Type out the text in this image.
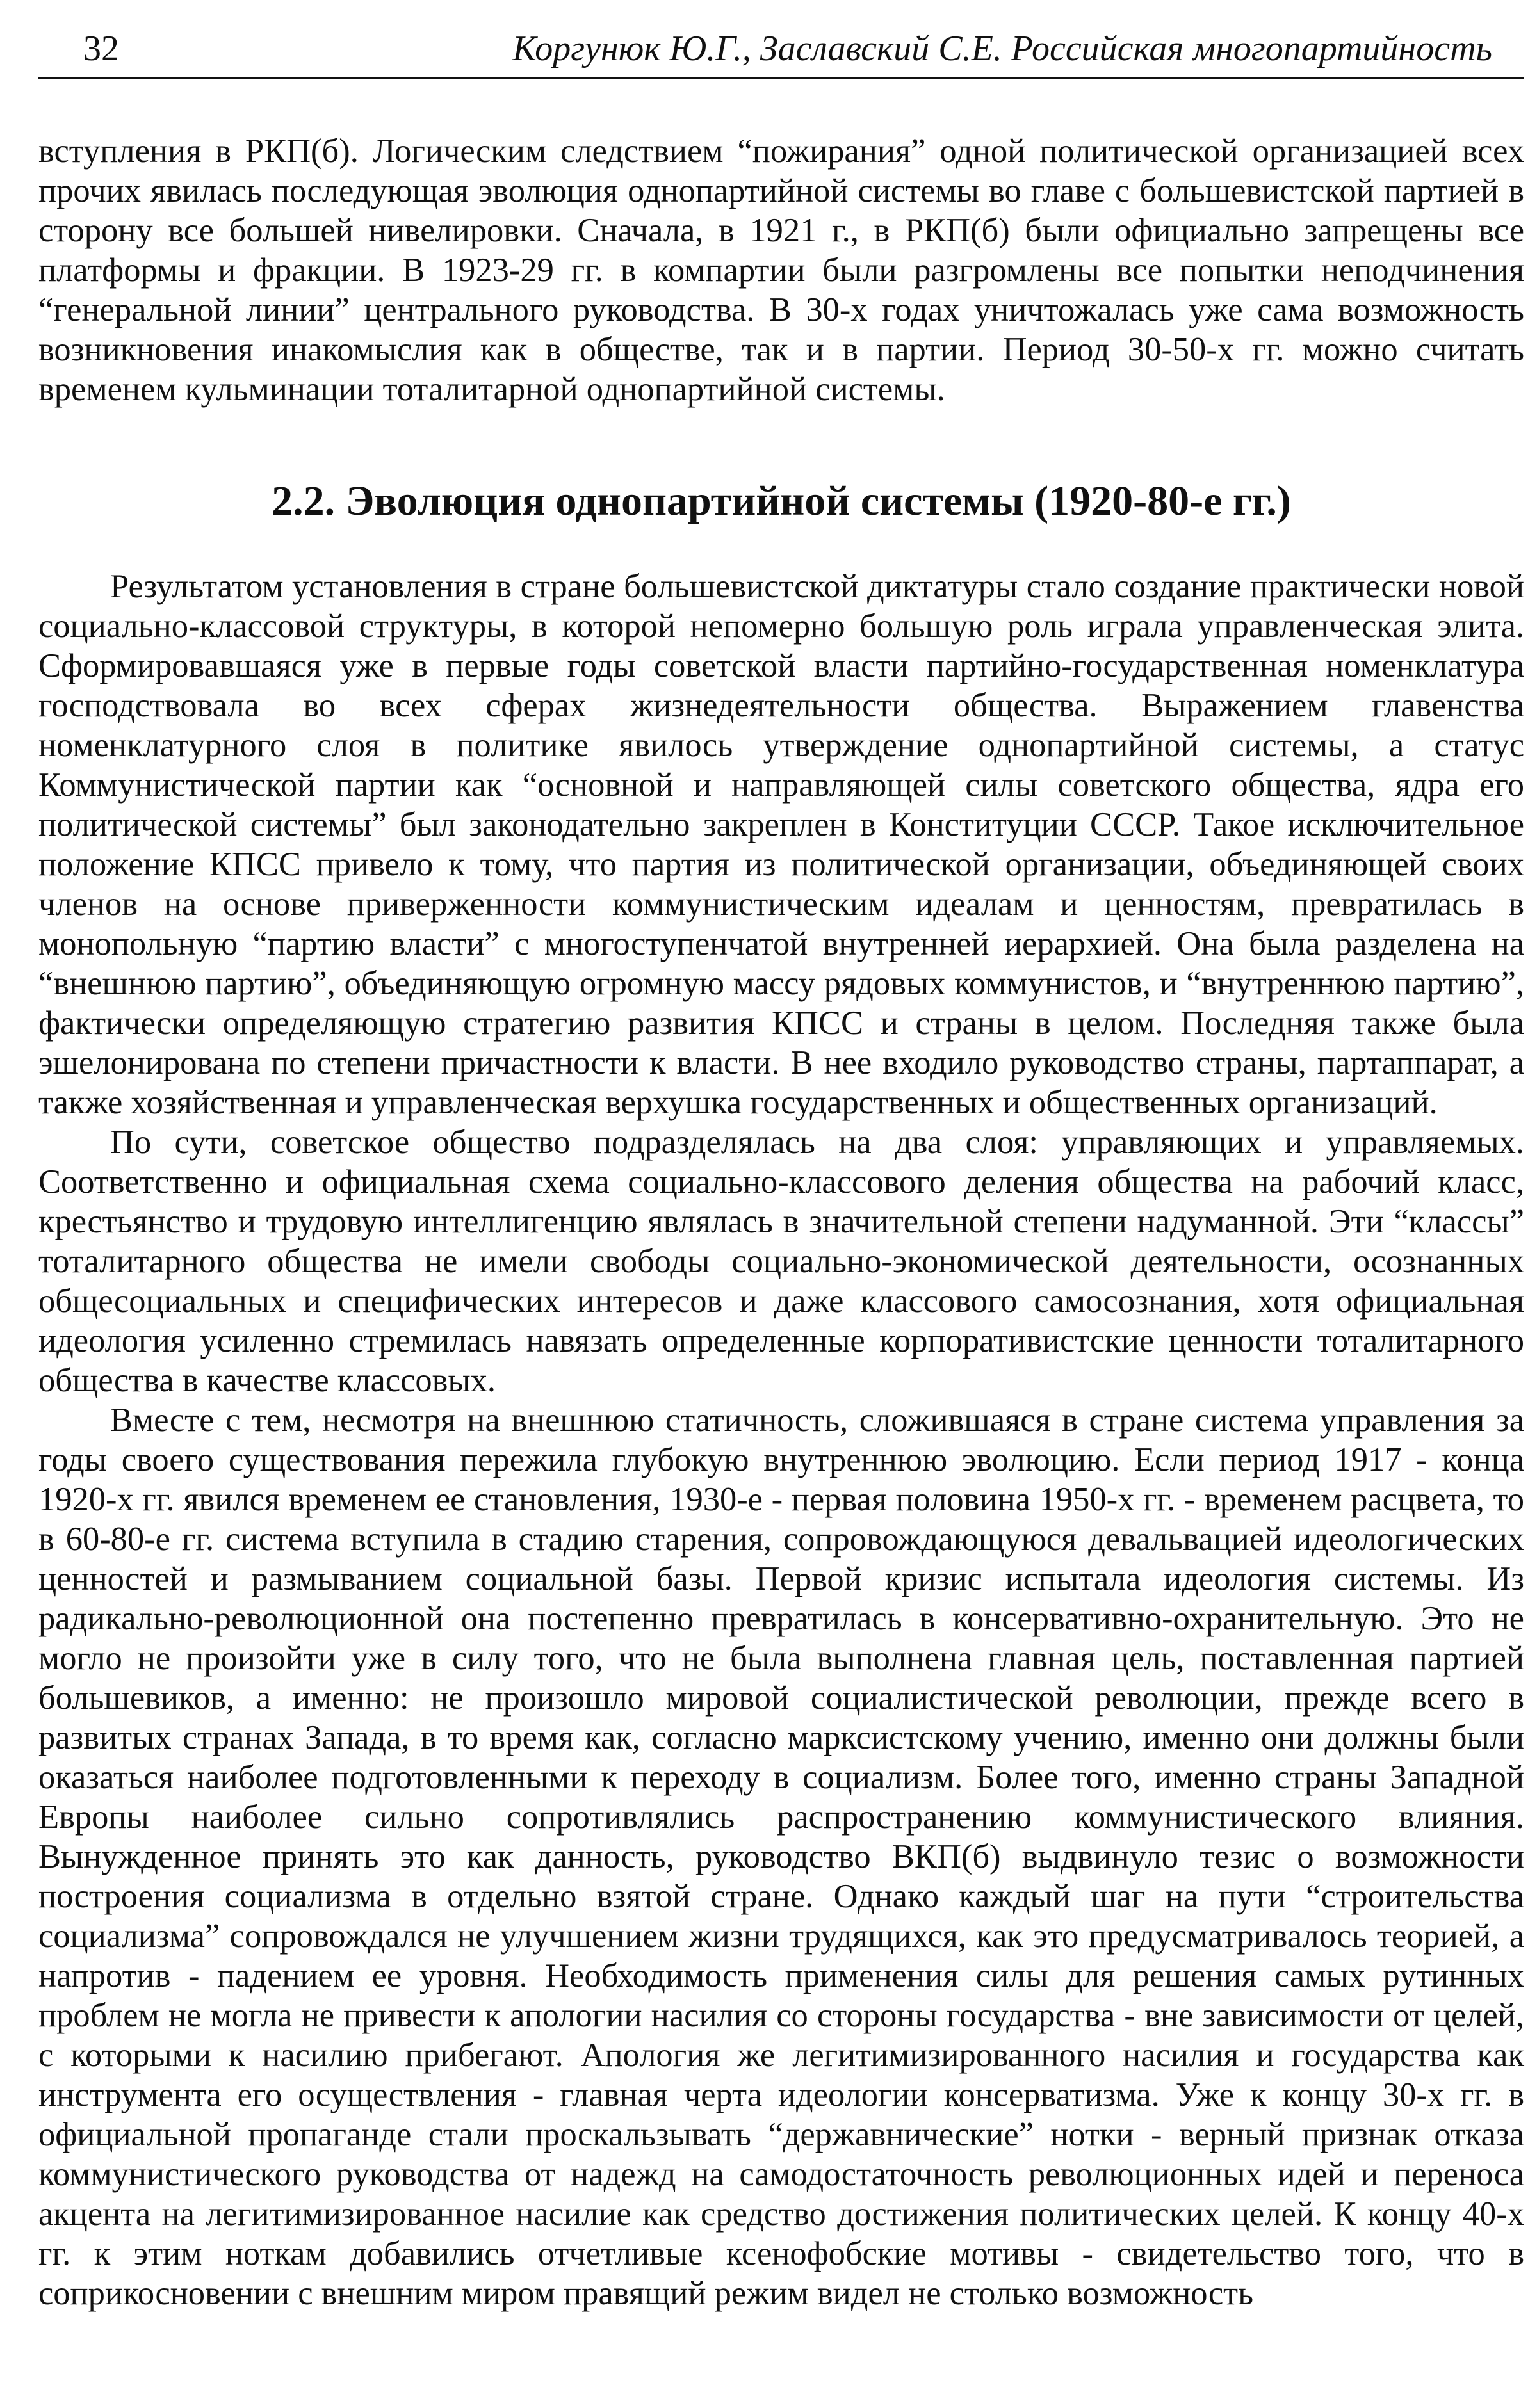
32	Коргунюк Ю.Г., Заславский С.Е. Российская многопартийность

вступления в РКП(б). Логическим следствием “пожирания” одной политической организацией всех прочих явилась последующая эволюция однопартийной системы во главе с большевистской партией в сторону все большей нивелировки. Сначала, в 1921 г., в РКП(б) были официально запрещены все платформы и фракции. В 1923-29 гг. в компартии были разгромлены все попытки неподчинения “генеральной линии” центрального руководства. В 30-х годах уничтожалась уже сама возможность возникновения инакомыслия как в обществе, так и в партии. Период 30-50-х гг. можно считать временем кульминации тоталитарной однопартийной системы.

2.2. Эволюция однопартийной системы (1920-80-е гг.)

Результатом установления в стране большевистской диктатуры стало создание практически новой социально-классовой структуры, в которой непомерно большую роль играла управленческая элита. Сформировавшаяся уже в первые годы советской власти партийно-государственная номенклатура господствовала во всех сферах жизнедеятельности общества. Выражением главенства номенклатурного слоя в политике явилось утверждение однопартийной системы, а статус Коммунистической партии как “основной и направляющей силы советского общества, ядра его политической системы” был законодательно закреплен в Конституции СССР. Такое исключительное положение КПСС привело к тому, что партия из политической организации, объединяющей своих членов на основе приверженности коммунистическим идеалам и ценностям, превратилась в монопольную “партию власти” с многоступенчатой внутренней иерархией. Она была разделена на “внешнюю партию”, объединяющую огромную массу рядовых коммунистов, и “внутреннюю партию”, фактически определяющую стратегию развития КПСС и страны в целом. Последняя также была эшелонирована по степени причастности к власти. В нее входило руководство страны, партаппарат, а также хозяйственная и управленческая верхушка государственных и общественных организаций.

По сути, советское общество подразделялась на два слоя: управляющих и управляемых. Соответственно и официальная схема социально-классового деления общества на рабочий класс, крестьянство и трудовую интеллигенцию являлась в значительной степени надуманной. Эти “классы” тоталитарного общества не имели свободы социально-экономической деятельности, осознанных общесоциальных и специфических интересов и даже классового самосознания, хотя официальная идеология усиленно стремилась навязать определенные корпоративистские ценности тоталитарного общества в качестве классовых.

Вместе с тем, несмотря на внешнюю статичность, сложившаяся в стране система управления за годы своего существования пережила глубокую внутреннюю эволюцию. Если период 1917 - конца 1920-х гг. явился временем ее становления, 1930-е - первая половина 1950-х гг. - временем расцвета, то в 60-80-е гг. система вступила в стадию старения, сопровождающуюся девальвацией идеологических ценностей и размыванием социальной базы. Первой кризис испытала идеология системы. Из радикально-революционной она постепенно превратилась в консервативно-охранительную. Это не могло не произойти уже в силу того, что не была выполнена главная цель, поставленная партией большевиков, а именно: не произошло мировой социалистической революции, прежде всего в развитых странах Запада, в то время как, согласно марксистскому учению, именно они должны были оказаться наиболее подготовленными к переходу в социализм. Более того, именно страны Западной Европы наиболее сильно сопротивлялись распространению коммунистического влияния. Вынужденное принять это как данность, руководство ВКП(б) выдвинуло тезис о возможности построения социализма в отдельно взятой стране. Однако каждый шаг на пути “строительства социализма” сопровождался не улучшением жизни трудящихся, как это предусматривалось теорией, а напротив - падением ее уровня. Необходимость применения силы для решения самых рутинных проблем не могла не привести к апологии насилия со стороны государства - вне зависимости от целей, с которыми к насилию прибегают. Апология же легитимизированного насилия и государства как инструмента его осуществления - главная черта идеологии консерватизма. Уже к концу 30-х гг. в официальной пропаганде стали проскальзывать “державнические” нотки - верный признак отказа коммунистического руководства от надежд на самодостаточность революционных идей и переноса акцента на легитимизированное насилие как средство достижения политических целей. К концу 40-х гг. к этим ноткам добавились отчетливые ксенофобские мотивы - свидетельство того, что в соприкосновении с внешним миром правящий режим видел не столько возможность
